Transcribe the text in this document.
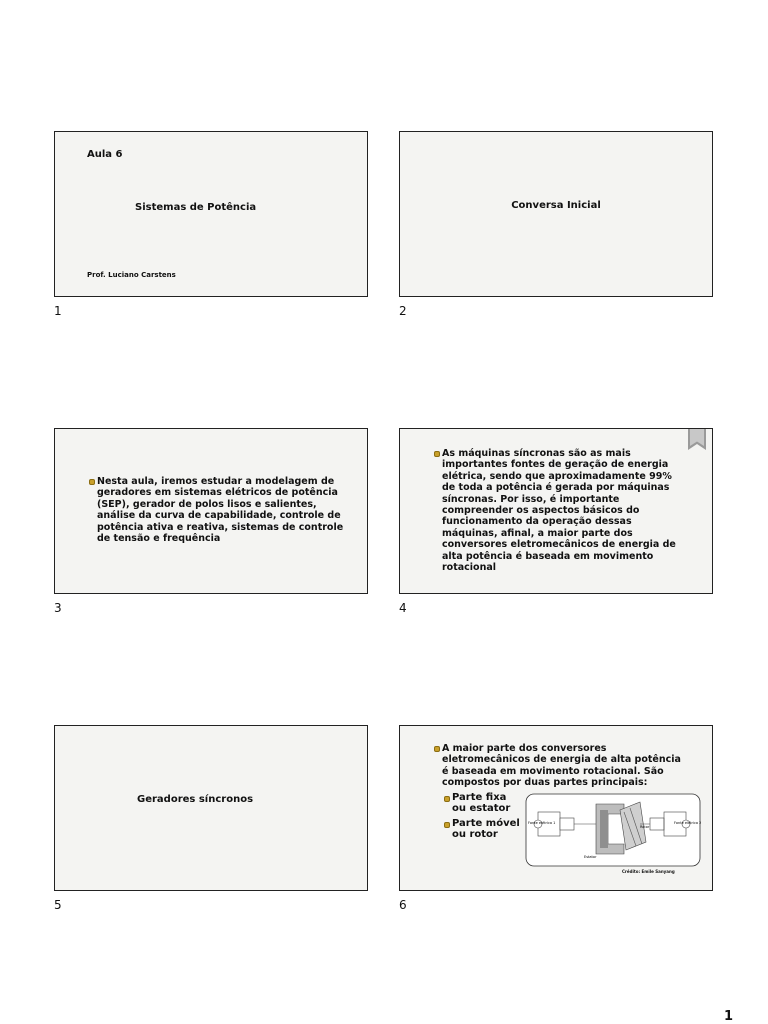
Aula 6
Sistemas de Potência
Prof. Luciano Carstens
1
Conversa Inicial
2
Nesta aula, iremos estudar a modelagem de
geradores em sistemas elétricos de potência
(SEP), gerador de polos lisos e salientes,
análise da curva de capabilidade, controle de
potência ativa e reativa, sistemas de controle
de tensão e frequência
3
As máquinas síncronas são as mais
importantes fontes de geração de energia
elétrica, sendo que aproximadamente 99%
de toda a potência é gerada por máquinas
síncronas. Por isso, é importante
compreender os aspectos básicos do
funcionamento da operação dessas
máquinas, afinal, a maior parte dos
conversores eletromecânicos de energia de
alta potência é baseada em movimento
rotacional
4
Geradores síncronos
5
A maior parte dos conversores
eletromecânicos de energia de alta potência
é baseada em movimento rotacional. São
compostos por duas partes principais:
Parte fixa
ou estator
Parte móvel
ou rotor
Fonte elétrica 1	Fonte elétrica 2
Rotor
Estator
Crédito: Emile Sanyang
6
1
